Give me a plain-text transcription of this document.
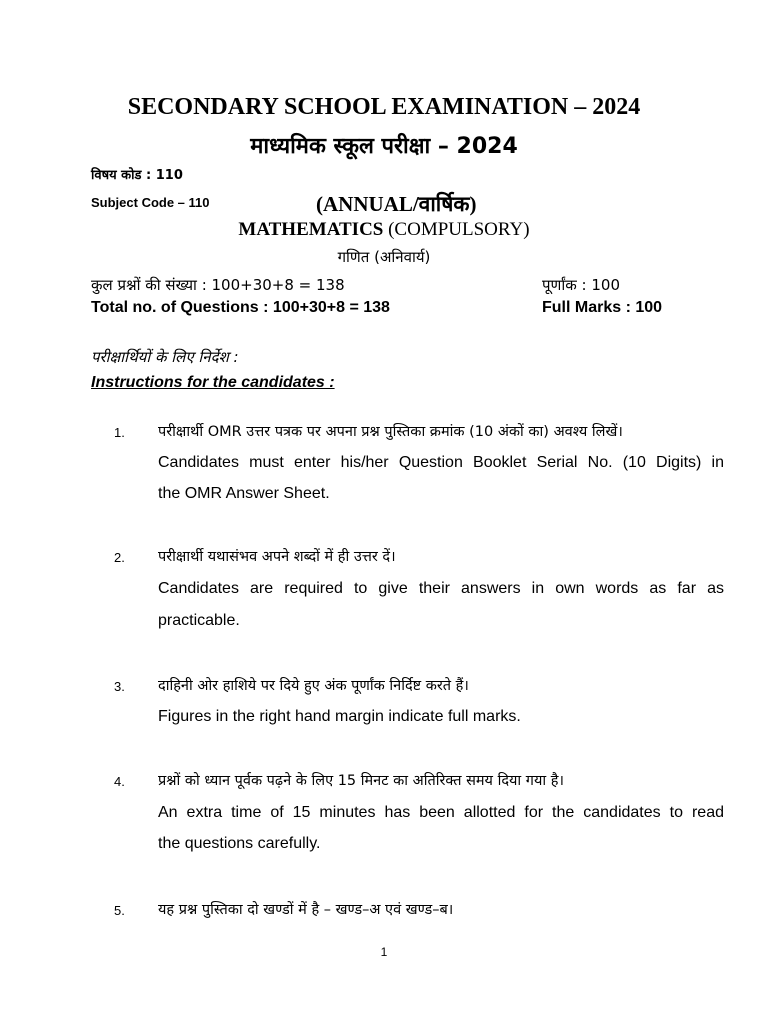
SECONDARY SCHOOL EXAMINATION – 2024
माध्यमिक स्कूल परीक्षा – 2024
विषय कोड : 110
Subject Code – 110	(ANNUAL/वार्षिक)
MATHEMATICS (COMPULSORY)
गणित (अनिवार्य)
कुल प्रश्नों की संख्या : 100+30+8 = 138
Total no. of Questions : 100+30+8 = 138
पूर्णांक : 100
Full Marks : 100
परीक्षार्थियों के लिए निर्देश :
Instructions for the candidates :
1. परीक्षार्थी OMR उत्तर पत्रक पर अपना प्रश्न पुस्तिका क्रमांक (10 अंकों का) अवश्य लिखें।
Candidates must enter his/her Question Booklet Serial No. (10 Digits) in
the OMR Answer Sheet.
2. परीक्षार्थी यथासंभव अपने शब्दों में ही उत्तर दें।
Candidates are required to give their answers in own words as far as
practicable.
3. दाहिनी ओर हाशिये पर दिये हुए अंक पूर्णांक निर्दिष्ट करते हैं।
Figures in the right hand margin indicate full marks.
4. प्रश्नों को ध्यान पूर्वक पढ़ने के लिए 15 मिनट का अतिरिक्त समय दिया गया है।
An extra time of 15 minutes has been allotted for the candidates to read
the questions carefully.
5. यह प्रश्न पुस्तिका दो खण्डों में है – खण्ड–अ एवं खण्ड–ब।
1
